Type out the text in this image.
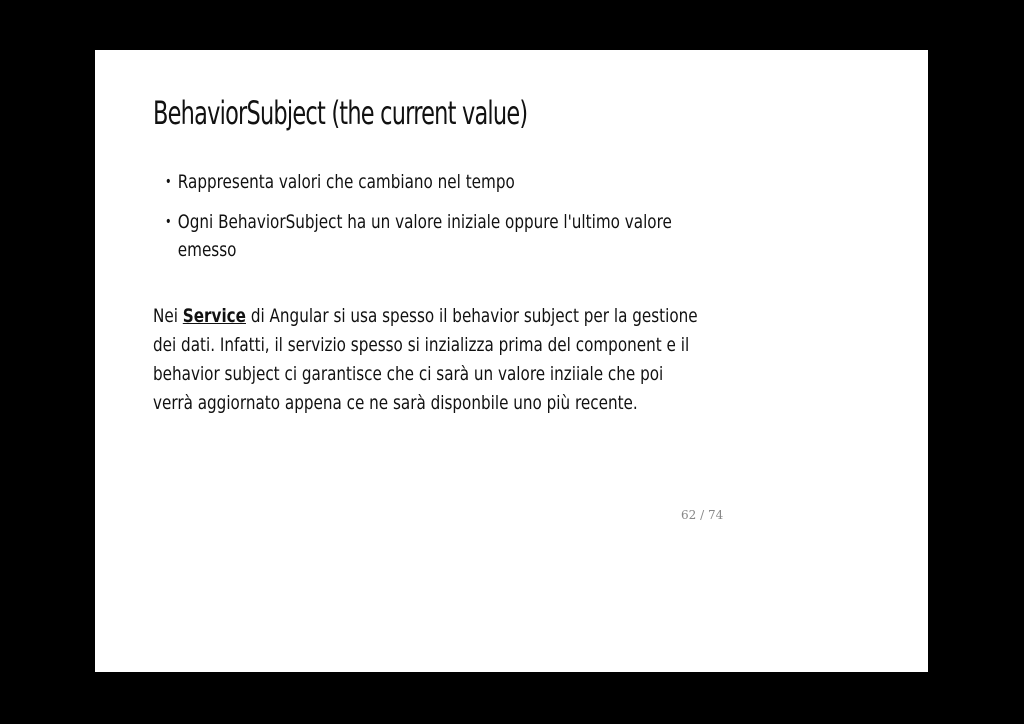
BehaviorSubject (the current value)
• Rappresenta valori che cambiano nel tempo
• Ogni BehaviorSubject ha un valore iniziale oppure l'ultimo valore
emesso

Nei Service di Angular si usa spesso il behavior subject per la gestione
dei dati. Infatti, il servizio spesso si inzializza prima del component e il
behavior subject ci garantisce che ci sarà un valore inziiale che poi
verrà aggiornato appena ce ne sarà disponbile uno più recente.

62 / 74
